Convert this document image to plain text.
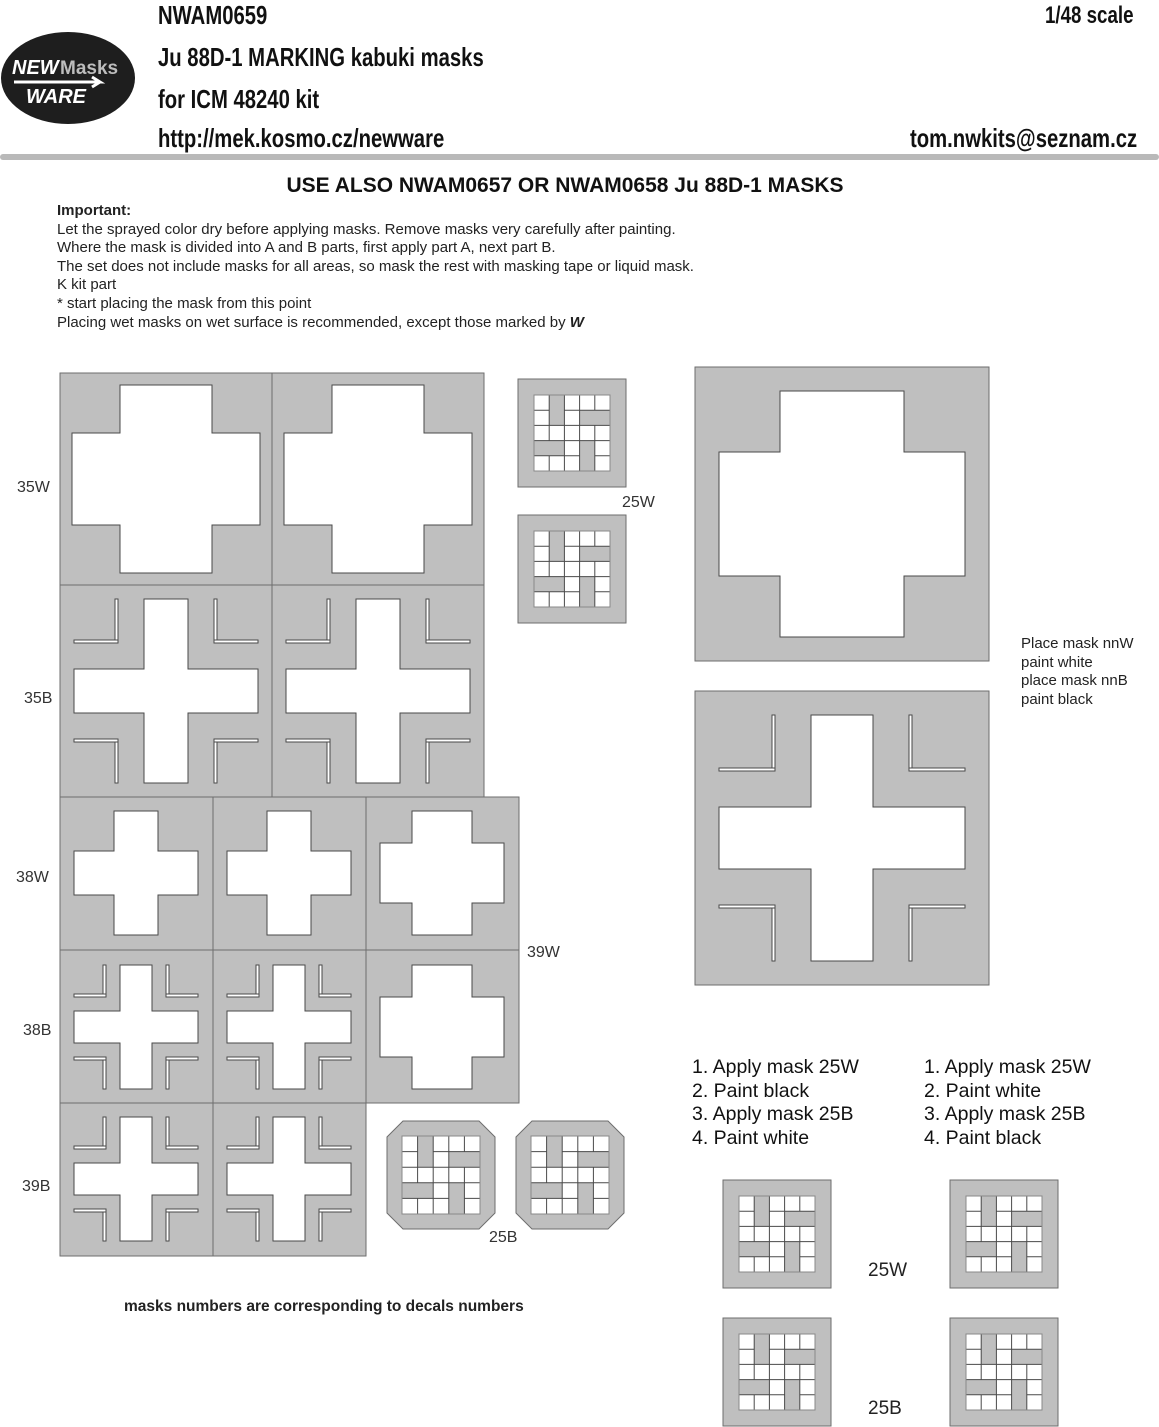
NEW Masks
WARE
NWAM0659	1/48 scale
Ju 88D-1 MARKING kabuki masks
for ICM 48240 kit
http://mek.kosmo.cz/newware	tom.nwkits@seznam.cz
USE ALSO NWAM0657 OR NWAM0658 Ju 88D-1 MASKS
Important:
Let the sprayed color dry before applying masks. Remove masks very carefully after painting.
Where the mask is divided into A and B parts, first apply part A, next part B.
The set does not include masks for all areas, so mask the rest with masking tape or liquid mask.
K kit part
* start placing the mask from this point
Placing wet masks on wet surface is recommended, except those marked by W
35W
35B
38W
38B
39W
39B
25W
25B
25W
25B
Place mask nnW
paint white
place mask nnB
paint black
1. Apply mask 25W
2. Paint black
3. Apply mask 25B
4. Paint white
1. Apply mask 25W
2. Paint white
3. Apply mask 25B
4. Paint black
masks numbers are corresponding to decals numbers
